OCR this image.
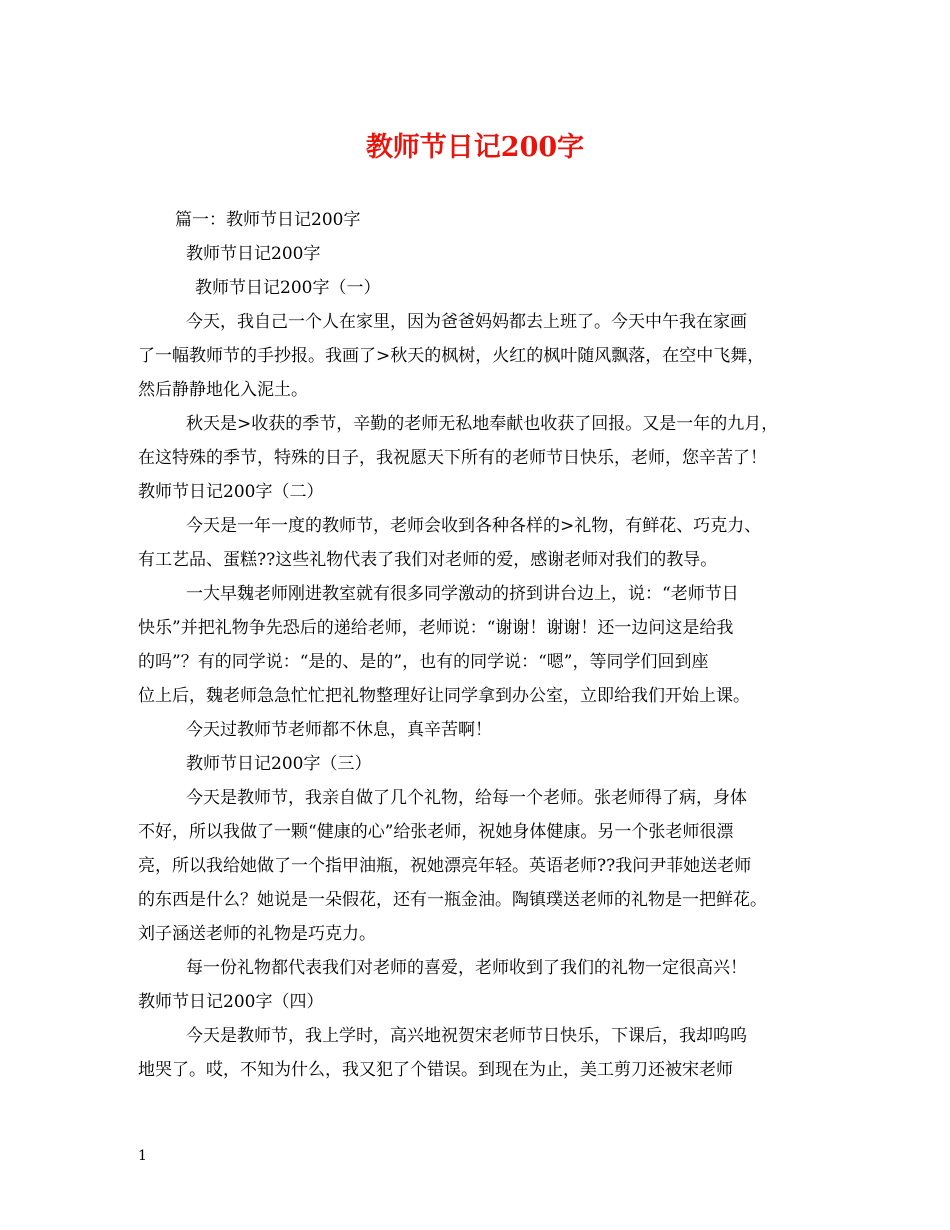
教师节日记200字
篇一：教师节日记200字
教师节日记200字
教师节日记200字（一）
今天，我自己一个人在家里，因为爸爸妈妈都去上班了。今天中午我在家画
了一幅教师节的手抄报。我画了>秋天的枫树，火红的枫叶随风飘落，在空中飞舞，
然后静静地化入泥土。
秋天是>收获的季节，辛勤的老师无私地奉献也收获了回报。又是一年的九月，
在这特殊的季节，特殊的日子，我祝愿天下所有的老师节日快乐，老师，您辛苦了！
教师节日记200字（二）
今天是一年一度的教师节，老师会收到各种各样的>礼物，有鲜花、巧克力、
有工艺品、蛋糕??这些礼物代表了我们对老师的爱，感谢老师对我们的教导。
一大早魏老师刚进教室就有很多同学激动的挤到讲台边上，说：“老师节日
快乐”并把礼物争先恐后的递给老师，老师说：“谢谢！谢谢！还一边问这是给我
的吗”？有的同学说：“是的、是的”，也有的同学说：“嗯”，等同学们回到座
位上后，魏老师急急忙忙把礼物整理好让同学拿到办公室，立即给我们开始上课。
今天过教师节老师都不休息，真辛苦啊！
教师节日记200字（三）
今天是教师节，我亲自做了几个礼物，给每一个老师。张老师得了病，身体
不好，所以我做了一颗“健康的心”给张老师，祝她身体健康。另一个张老师很漂
亮，所以我给她做了一个指甲油瓶，祝她漂亮年轻。英语老师??我问尹菲她送老师
的东西是什么？她说是一朵假花，还有一瓶金油。陶镇璞送老师的礼物是一把鲜花。
刘子涵送老师的礼物是巧克力。
每一份礼物都代表我们对老师的喜爱，老师收到了我们的礼物一定很高兴！
教师节日记200字（四）
今天是教师节，我上学时，高兴地祝贺宋老师节日快乐，下课后，我却呜呜
地哭了。哎，不知为什么，我又犯了个错误。到现在为止，美工剪刀还被宋老师
1
